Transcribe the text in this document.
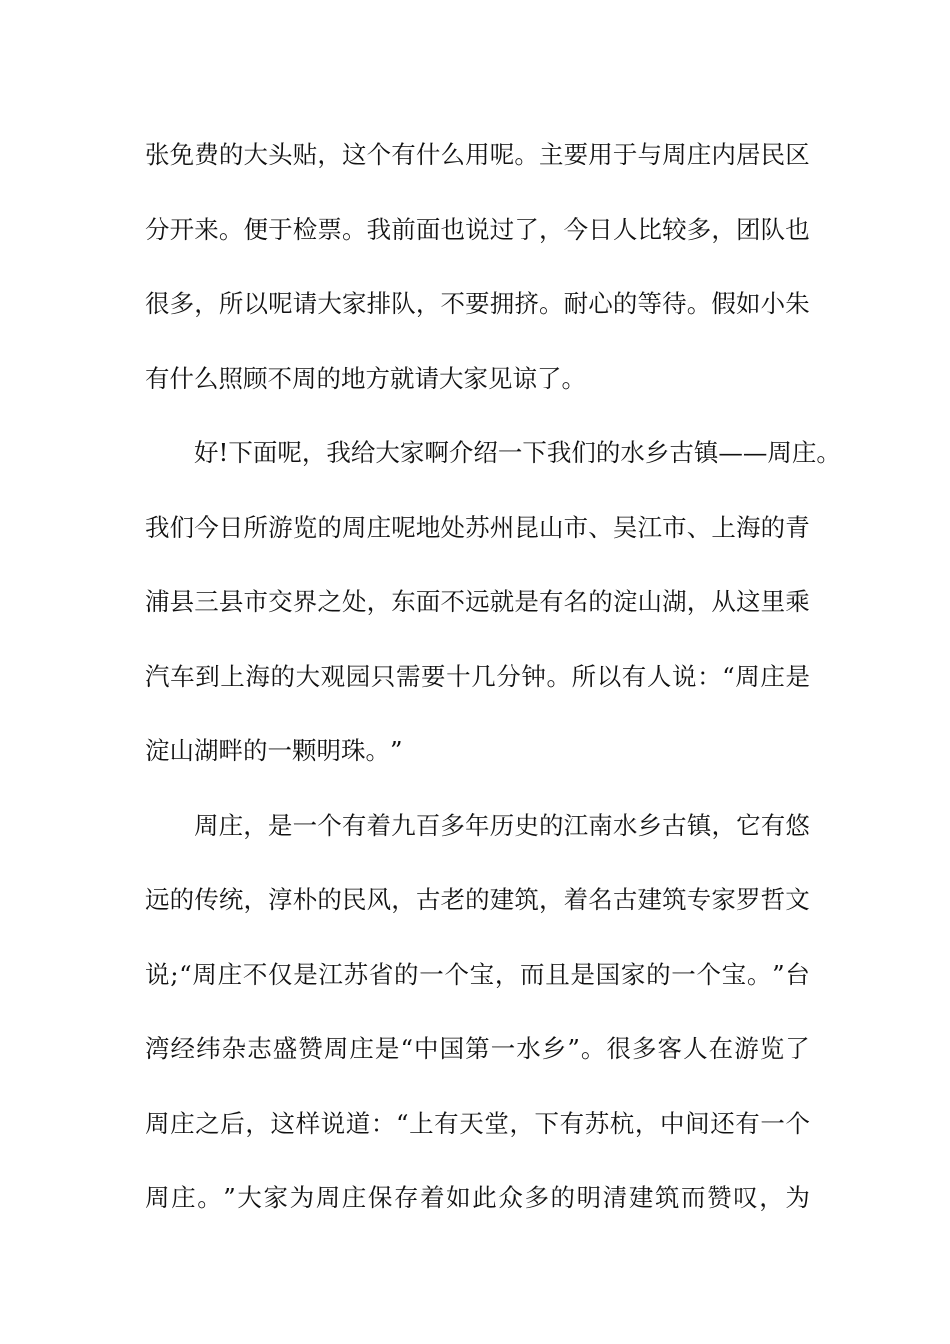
张 免 费 的 大 头 贴 ， 这 个 有 什 么 用 呢 。 主 要 用 于 与 周 庄 内 居 民 区
分 开 来 。 便 于 检 票 。 我 前 面 也 说 过 了 ， 今 日 人 比 较 多 ， 团 队 也
很 多 ， 所 以 呢 请 大 家 排 队 ， 不 要 拥 挤 。 耐 心 的 等 待 。 假 如 小 朱
有 什 么 照 顾 不 周 的 地 方 就 请 大 家 见 谅 了 。
好 ! 下 面 呢 ， 我 给 大 家 啊 介 绍 一 下 我 们 的 水 乡 古 镇 — — 周 庄 。
我 们 今 日 所 游 览 的 周 庄 呢 地 处 苏 州 昆 山 市 、 吴 江 市 、 上 海 的 青
浦 县 三 县 市 交 界 之 处 ， 东 面 不 远 就 是 有 名 的 淀 山 湖 ， 从 这 里 乘
汽 车 到 上 海 的 大 观 园 只 需 要 十 几 分 钟 。 所 以 有 人 说 ： “ 周 庄 是
淀 山 湖 畔 的 一 颗 明 珠 。 ”
周 庄 ， 是 一 个 有 着 九 百 多 年 历 史 的 江 南 水 乡 古 镇 ， 它 有 悠
远 的 传 统 ， 淳 朴 的 民 风 ， 古 老 的 建 筑 ， 着 名 古 建 筑 专 家 罗 哲 文
说 ; “ 周 庄 不 仅 是 江 苏 省 的 一 个 宝 ， 而 且 是 国 家 的 一 个 宝 。 ” 台
湾 经 纬 杂 志 盛 赞 周 庄 是 “ 中 国 第 一 水 乡 ” 。 很 多 客 人 在 游 览 了
周 庄 之 后 ， 这 样 说 道 ： “ 上 有 天 堂 ， 下 有 苏 杭 ， 中 间 还 有 一 个
周 庄 。 ” 大 家 为 周 庄 保 存 着 如 此 众 多 的 明 清 建 筑 而 赞 叹 ， 为
